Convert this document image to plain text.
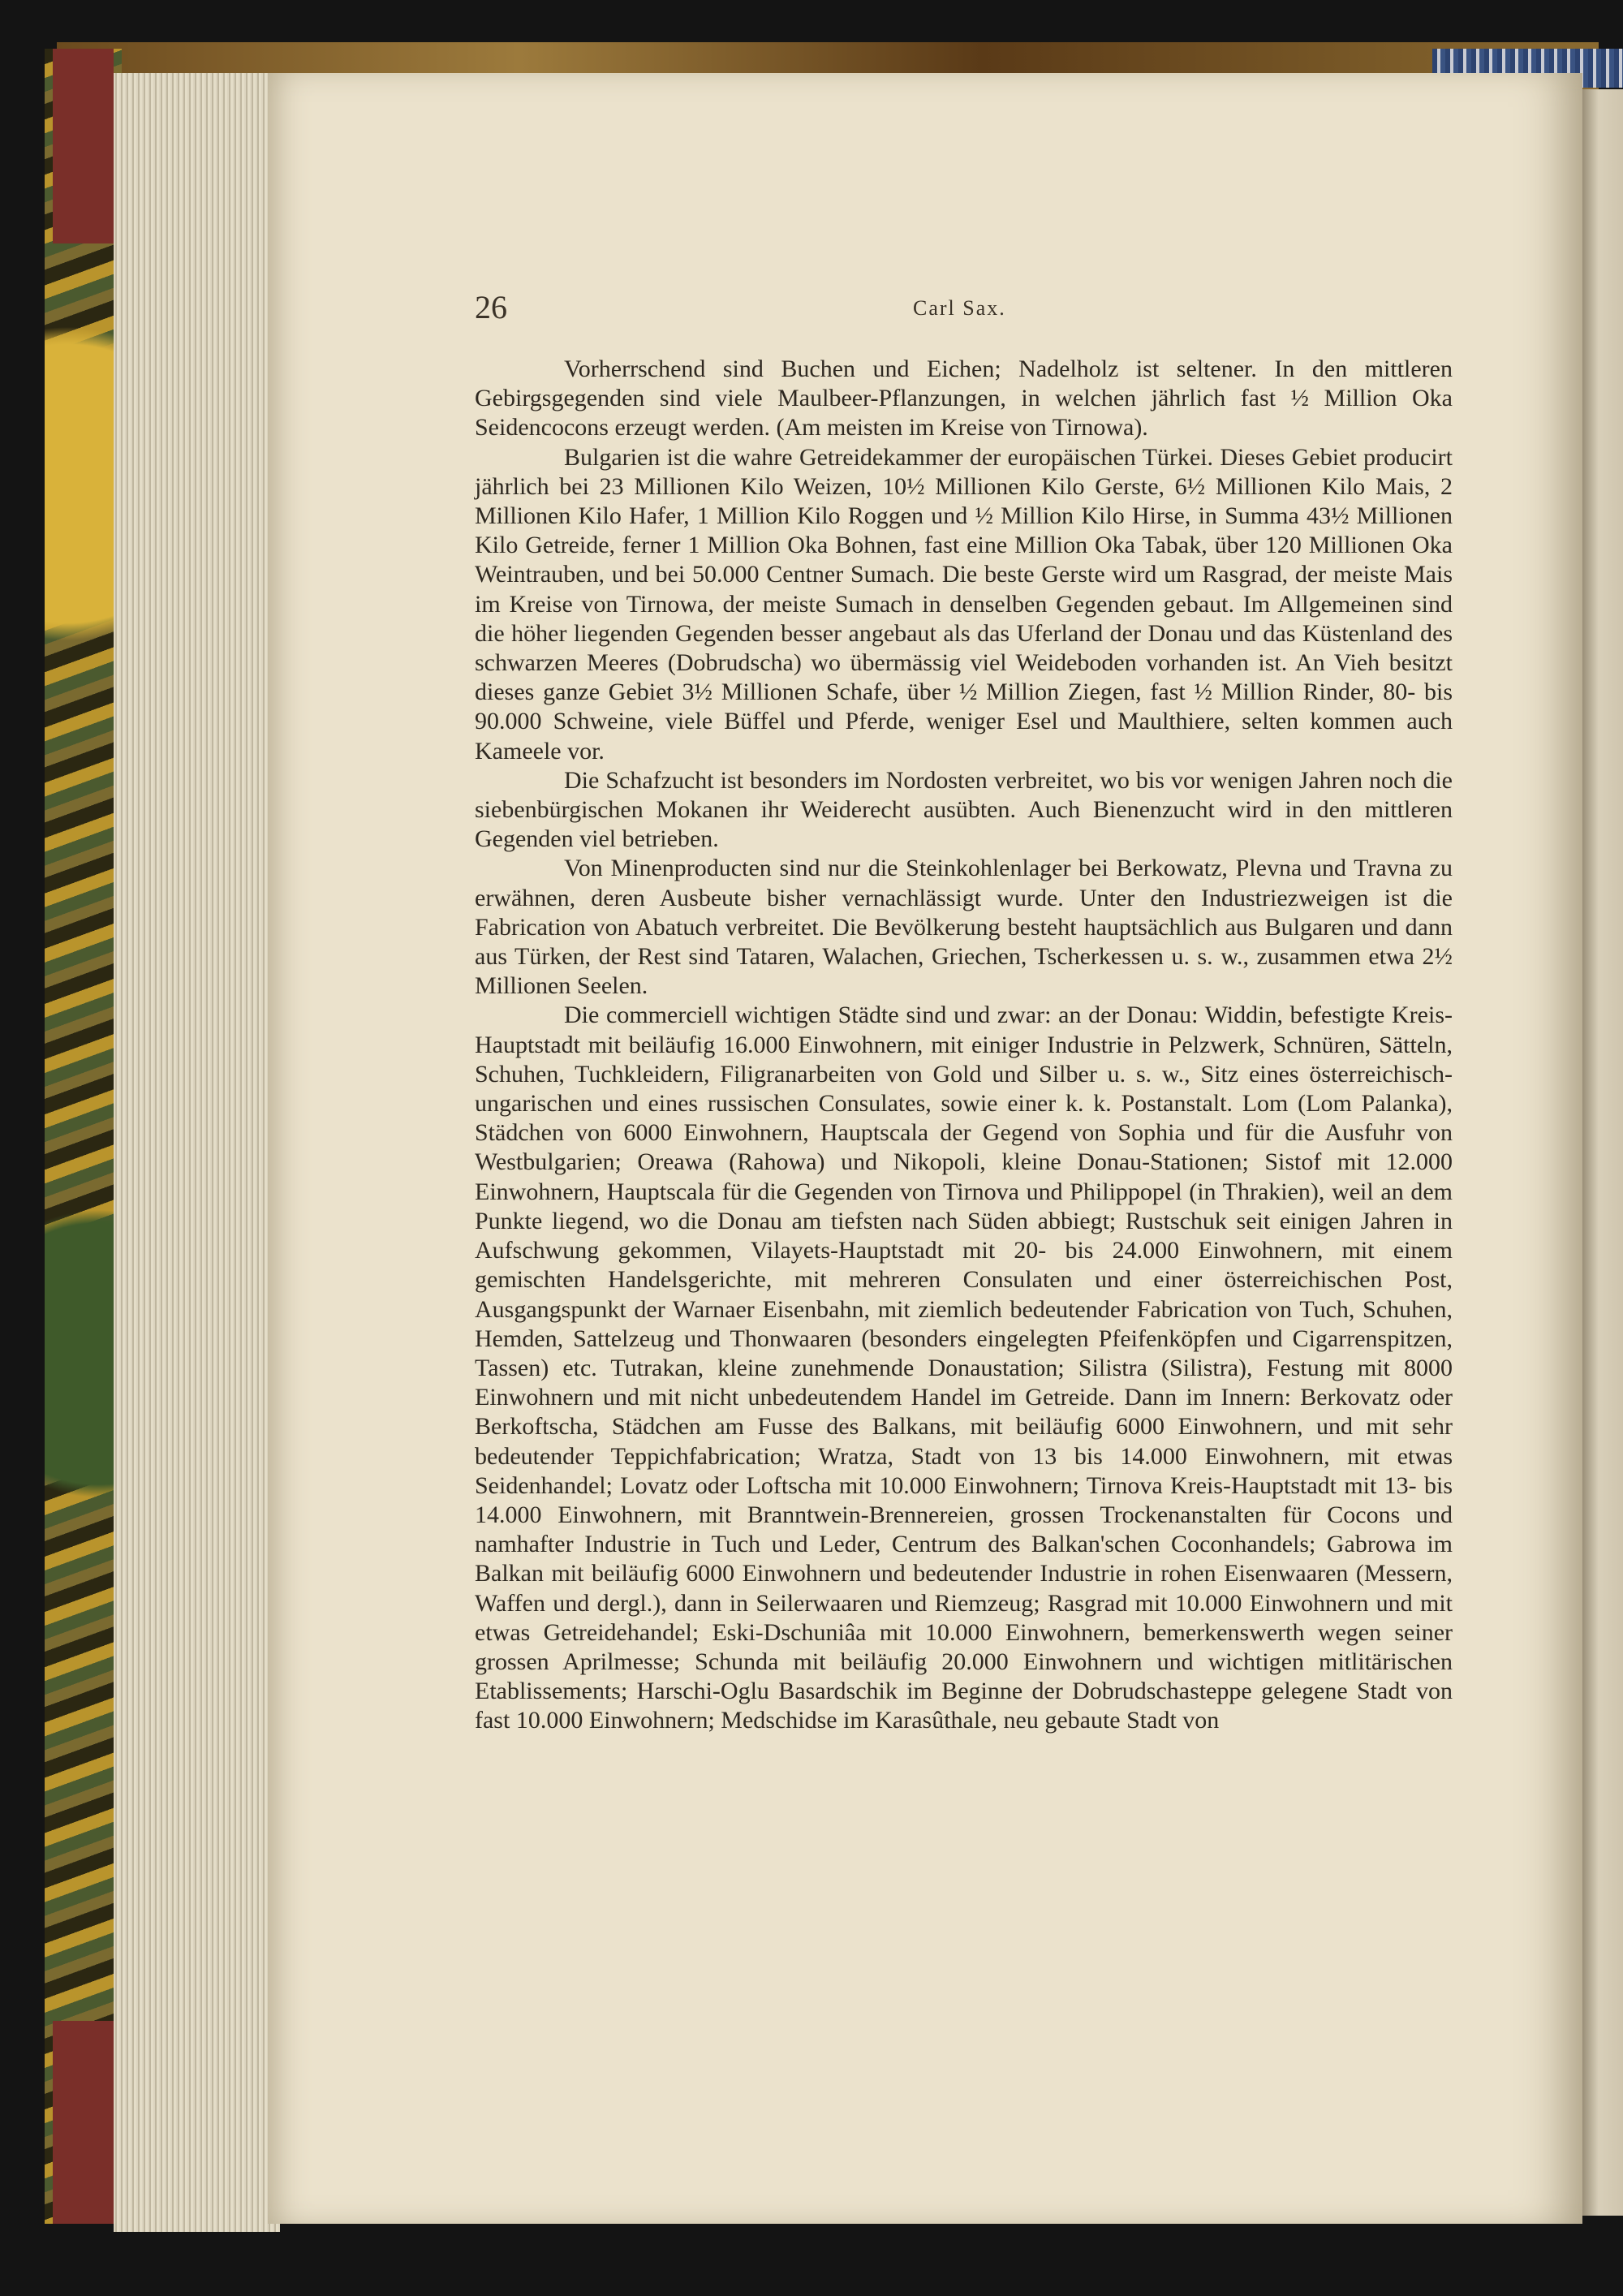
26	Carl Sax.

Vorherrschend sind Buchen und Eichen; Nadelholz ist seltener. In den mittleren Gebirgsgegenden sind viele Maulbeer-Pflanzungen, in welchen jährlich fast ½ Million Oka Seidencocons erzeugt werden. (Am meisten im Kreise von Tirnowa).

Bulgarien ist die wahre Getreidekammer der europäischen Türkei. Dieses Gebiet producirt jährlich bei 23 Millionen Kilo Weizen, 10½ Millionen Kilo Gerste, 6½ Millionen Kilo Mais, 2 Millionen Kilo Hafer, 1 Million Kilo Roggen und ½ Million Kilo Hirse, in Summa 43½ Millionen Kilo Getreide, ferner 1 Million Oka Bohnen, fast eine Million Oka Tabak, über 120 Millionen Oka Weintrauben, und bei 50.000 Centner Sumach. Die beste Gerste wird um Rasgrad, der meiste Mais im Kreise von Tirnowa, der meiste Sumach in denselben Gegenden gebaut. Im Allgemeinen sind die höher liegenden Gegenden besser angebaut als das Uferland der Donau und das Küstenland des schwarzen Meeres (Dobrudscha) wo übermässig viel Weideboden vorhanden ist. An Vieh besitzt dieses ganze Gebiet 3½ Millionen Schafe, über ½ Million Ziegen, fast ½ Million Rinder, 80- bis 90.000 Schweine, viele Büffel und Pferde, weniger Esel und Maulthiere, selten kommen auch Kameele vor.

Die Schafzucht ist besonders im Nordosten verbreitet, wo bis vor wenigen Jahren noch die siebenbürgischen Mokanen ihr Weiderecht ausübten. Auch Bienenzucht wird in den mittleren Gegenden viel betrieben.

Von Minenproducten sind nur die Steinkohlenlager bei Berkowatz, Plevna und Travna zu erwähnen, deren Ausbeute bisher vernachlässigt wurde. Unter den Industriezweigen ist die Fabrication von Abatuch verbreitet. Die Bevölkerung besteht hauptsächlich aus Bulgaren und dann aus Türken, der Rest sind Tataren, Walachen, Griechen, Tscherkessen u. s. w., zusammen etwa 2½ Millionen Seelen.

Die commerciell wichtigen Städte sind und zwar: an der Donau: Widdin, befestigte Kreis-Hauptstadt mit beiläufig 16.000 Einwohnern, mit einiger Industrie in Pelzwerk, Schnüren, Sätteln, Schuhen, Tuchkleidern, Filigranarbeiten von Gold und Silber u. s. w., Sitz eines österreichisch-ungarischen und eines russischen Consulates, sowie einer k. k. Postanstalt. Lom (Lom Palanka), Städchen von 6000 Einwohnern, Hauptscala der Gegend von Sophia und für die Ausfuhr von Westbulgarien; Oreawa (Rahowa) und Nikopoli, kleine Donau-Stationen; Sistof mit 12.000 Einwohnern, Hauptscala für die Gegenden von Tirnova und Philippopel (in Thrakien), weil an dem Punkte liegend, wo die Donau am tiefsten nach Süden abbiegt; Rustschuk seit einigen Jahren in Aufschwung gekommen, Vilayets-Hauptstadt mit 20- bis 24.000 Einwohnern, mit einem gemischten Handelsgerichte, mit mehreren Consulaten und einer österreichischen Post, Ausgangspunkt der Warnaer Eisenbahn, mit ziemlich bedeutender Fabrication von Tuch, Schuhen, Hemden, Sattelzeug und Thonwaaren (besonders eingelegten Pfeifenköpfen und Cigarrenspitzen, Tassen) etc. Tutrakan, kleine zunehmende Donaustation; Silistra (Silistra), Festung mit 8000 Einwohnern und mit nicht unbedeutendem Handel im Getreide. Dann im Innern: Berkovatz oder Berkoftscha, Städchen am Fusse des Balkans, mit beiläufig 6000 Einwohnern, und mit sehr bedeutender Teppichfabrication; Wratza, Stadt von 13 bis 14.000 Einwohnern, mit etwas Seidenhandel; Lovatz oder Loftscha mit 10.000 Einwohnern; Tirnova Kreis-Hauptstadt mit 13- bis 14.000 Einwohnern, mit Branntwein-Brennereien, grossen Trockenanstalten für Cocons und namhafter Industrie in Tuch und Leder, Centrum des Balkan'schen Coconhandels; Gabrowa im Balkan mit beiläufig 6000 Einwohnern und bedeutender Industrie in rohen Eisenwaaren (Messern, Waffen und dergl.), dann in Seilerwaaren und Riemzeug; Rasgrad mit 10.000 Einwohnern und mit etwas Getreidehandel; Eski-Dschuniâa mit 10.000 Einwohnern, bemerkenswerth wegen seiner grossen Aprilmesse; Schunda mit beiläufig 20.000 Einwohnern und wichtigen mitlitärischen Etablissements; Harschi-Oglu Basardschik im Beginne der Dobrudschasteppe gelegene Stadt von fast 10.000 Einwohnern; Medschidse im Karasûthale, neu gebaute Stadt von
